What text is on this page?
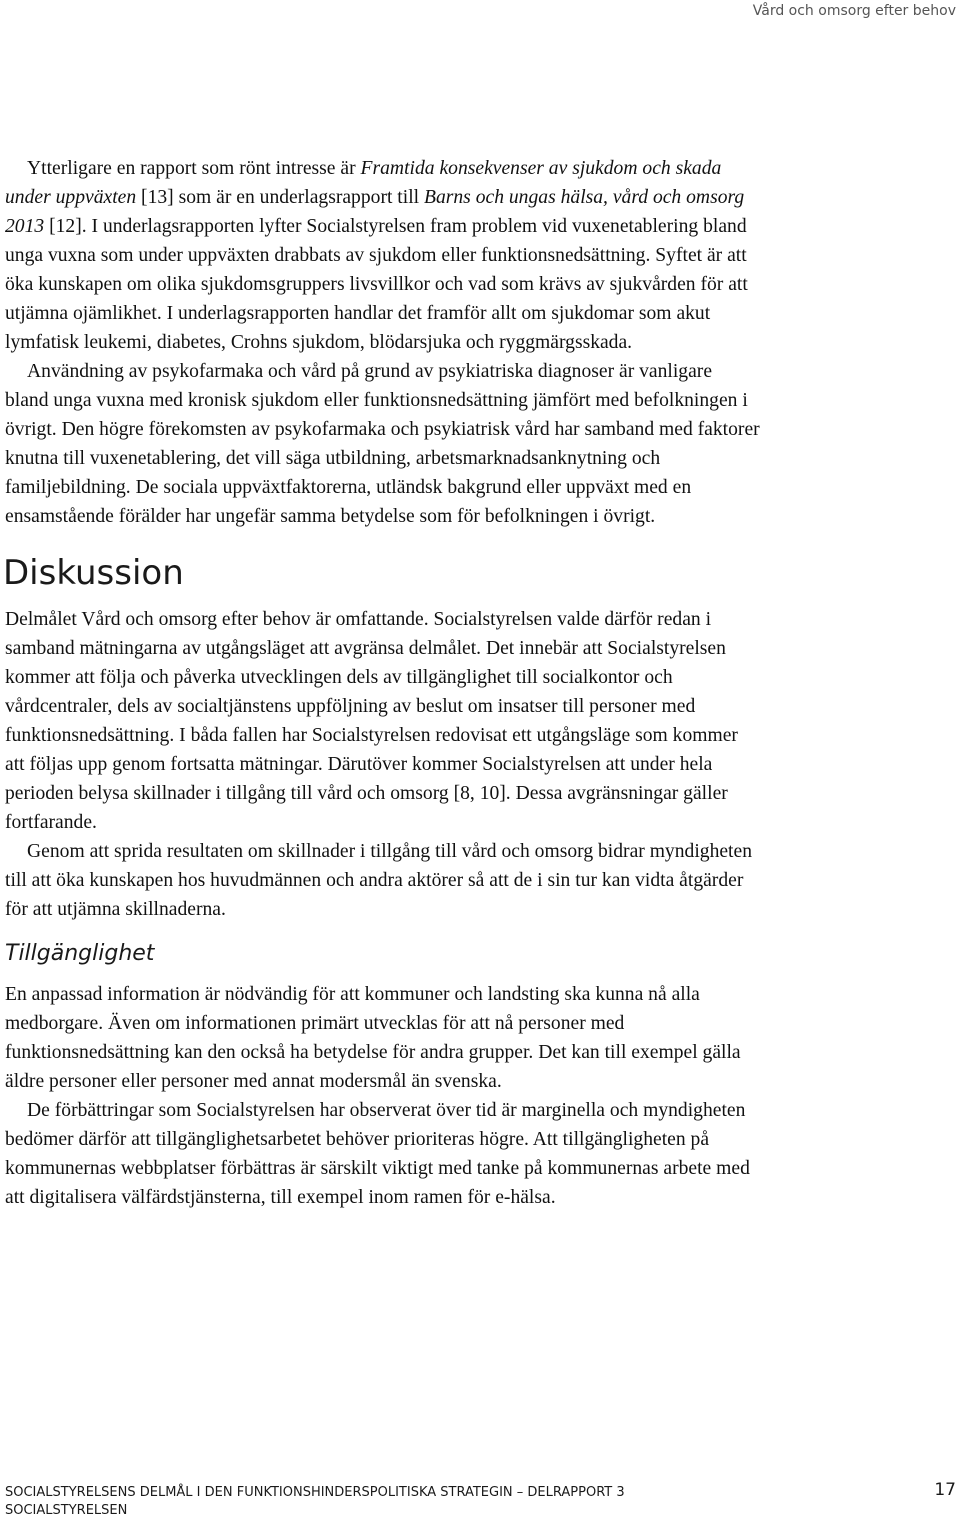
Vård och omsorg efter behov

Ytterligare en rapport som rönt intresse är Framtida konsekvenser av sjukdom och skada under uppväxten [13] som är en underlagsrapport till Barns och ungas hälsa, vård och omsorg 2013 [12]. I underlagsrapporten lyfter Socialstyrelsen fram problem vid vuxenetablering bland unga vuxna som under uppväxten drabbats av sjukdom eller funktionsnedsättning. Syftet är att öka kunskapen om olika sjukdomsgruppers livsvillkor och vad som krävs av sjukvården för att utjämna ojämlikhet. I underlagsrapporten handlar det framför allt om sjukdomar som akut lymfatisk leukemi, diabetes, Crohns sjukdom, blödarsjuka och ryggmärgsskada.

Användning av psykofarmaka och vård på grund av psykiatriska diagnoser är vanligare bland unga vuxna med kronisk sjukdom eller funktionsnedsättning jämfört med befolkningen i övrigt. Den högre förekomsten av psykofarmaka och psykiatrisk vård har samband med faktorer knutna till vuxenetablering, det vill säga utbildning, arbetsmarknadsanknytning och familjebildning. De sociala uppväxtfaktorerna, utländsk bakgrund eller uppväxt med en ensamstående förälder har ungefär samma betydelse som för befolkningen i övrigt.

Diskussion

Delmålet Vård och omsorg efter behov är omfattande. Socialstyrelsen valde därför redan i samband mätningarna av utgångsläget att avgränsa delmålet. Det innebär att Socialstyrelsen kommer att följa och påverka utvecklingen dels av tillgänglighet till socialkontor och vårdcentraler, dels av socialtjänstens uppföljning av beslut om insatser till personer med funktionsnedsättning. I båda fallen har Socialstyrelsen redovisat ett utgångsläge som kommer att följas upp genom fortsatta mätningar. Därutöver kommer Socialstyrelsen att under hela perioden belysa skillnader i tillgång till vård och omsorg [8, 10]. Dessa avgränsningar gäller fortfarande.

Genom att sprida resultaten om skillnader i tillgång till vård och omsorg bidrar myndigheten till att öka kunskapen hos huvudmännen och andra aktörer så att de i sin tur kan vidta åtgärder för att utjämna skillnaderna.

Tillgänglighet

En anpassad information är nödvändig för att kommuner och landsting ska kunna nå alla medborgare. Även om informationen primärt utvecklas för att nå personer med funktionsnedsättning kan den också ha betydelse för andra grupper. Det kan till exempel gälla äldre personer eller personer med annat modersmål än svenska.

De förbättringar som Socialstyrelsen har observerat över tid är marginella och myndigheten bedömer därför att tillgänglighetsarbetet behöver prioriteras högre. Att tillgängligheten på kommunernas webbplatser förbättras är särskilt viktigt med tanke på kommunernas arbete med att digitalisera välfärdstjänsterna, till exempel inom ramen för e-hälsa.

SOCIALSTYRELSENS DELMÅL I DEN FUNKTIONSHINDERSPOLITISKA STRATEGIN – DELRAPPORT 3
SOCIALSTYRELSEN
17
